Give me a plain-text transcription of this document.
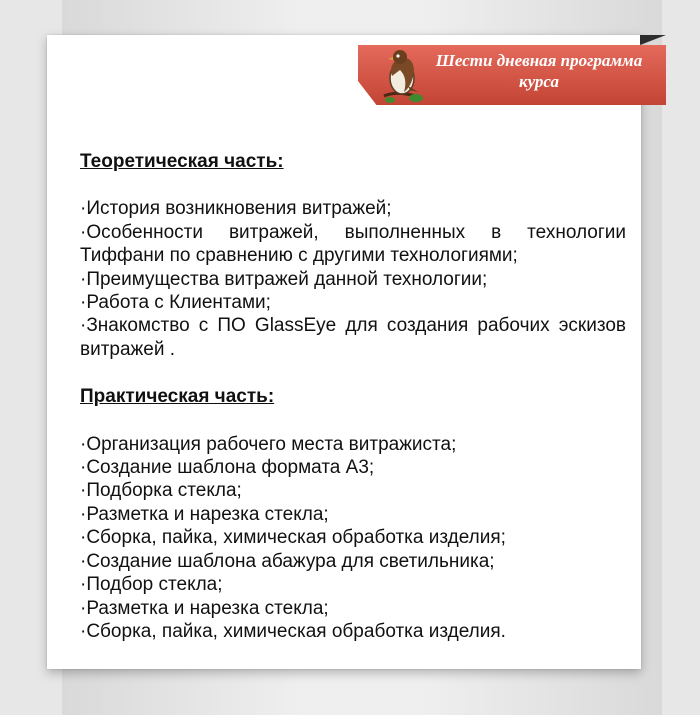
Шести дневная программа
курса
Теоретическая часть:
·История возникновения витражей;
·Особенности витражей, выполненных в технологии Тиффани по сравнению с другими технологиями;
·Преимущества витражей данной технологии;
·Работа с Клиентами;
·Знакомство с ПО GlassEye для создания рабочих эскизов витражей .
Практическая часть:
·Организация рабочего места витражиста;
·Создание шаблона формата А3;
·Подборка стекла;
·Разметка и нарезка стекла;
·Сборка, пайка, химическая обработка изделия;
·Создание шаблона абажура для светильника;
·Подбор стекла;
·Разметка и нарезка стекла;
·Сборка, пайка, химическая обработка изделия.
